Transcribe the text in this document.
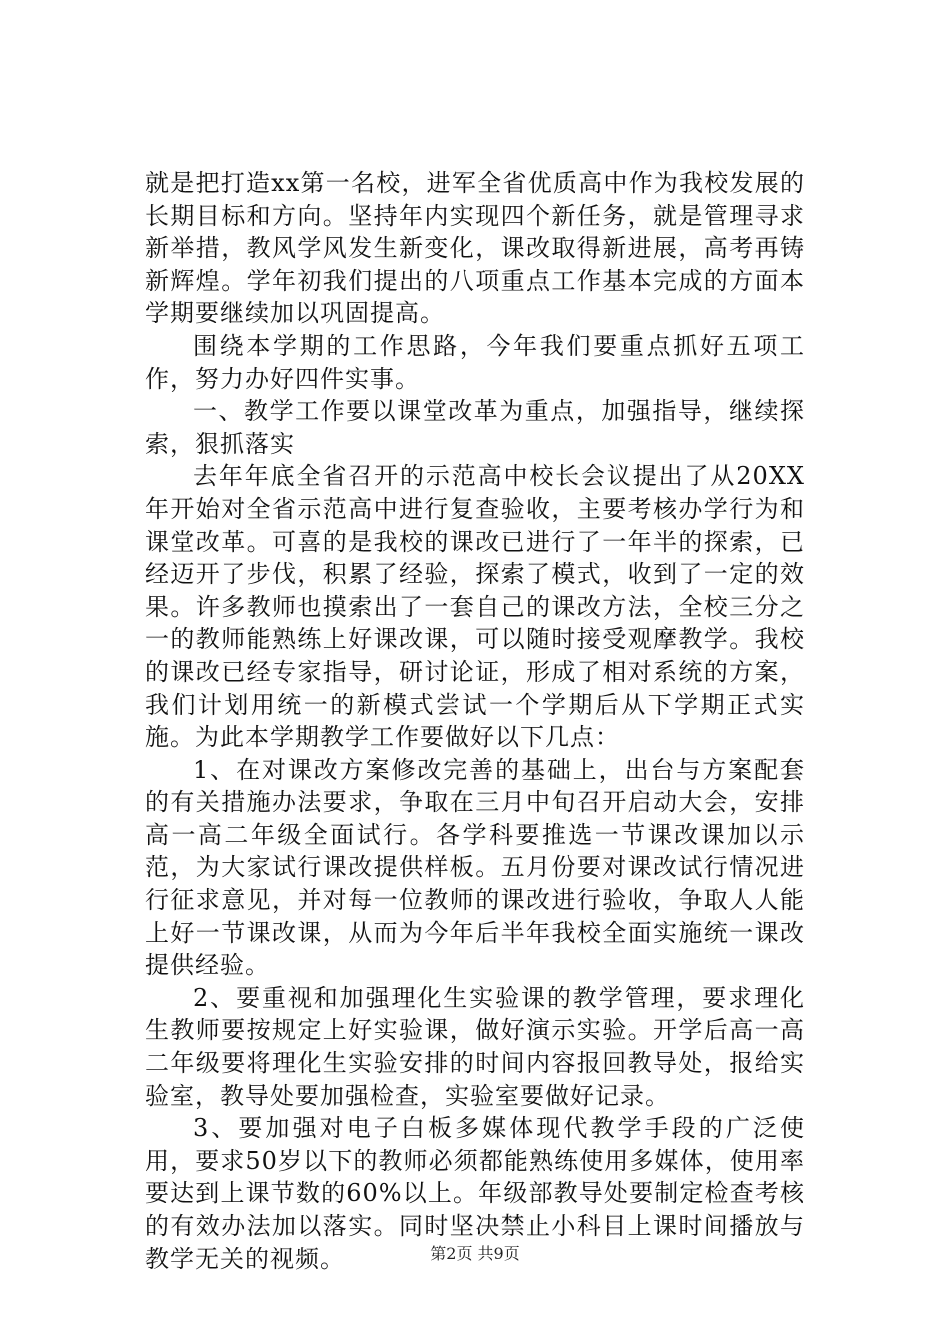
就是把打造xx第一名校，进军全省优质高中作为我校发展的长期目标和方向。坚持年内实现四个新任务，就是管理寻求新举措，教风学风发生新变化，课改取得新进展，高考再铸新辉煌。学年初我们提出的八项重点工作基本完成的方面本学期要继续加以巩固提高。

围绕本学期的工作思路，今年我们要重点抓好五项工作，努力办好四件实事。

一、教学工作要以课堂改革为重点，加强指导，继续探索，狠抓落实

去年年底全省召开的示范高中校长会议提出了从20XX年开始对全省示范高中进行复查验收，主要考核办学行为和课堂改革。可喜的是我校的课改已进行了一年半的探索，已经迈开了步伐，积累了经验，探索了模式，收到了一定的效果。许多教师也摸索出了一套自己的课改方法，全校三分之一的教师能熟练上好课改课，可以随时接受观摩教学。我校的课改已经专家指导，研讨论证，形成了相对系统的方案，我们计划用统一的新模式尝试一个学期后从下学期正式实施。为此本学期教学工作要做好以下几点：

1、在对课改方案修改完善的基础上，出台与方案配套的有关措施办法要求，争取在三月中旬召开启动大会，安排高一高二年级全面试行。各学科要推选一节课改课加以示范，为大家试行课改提供样板。五月份要对课改试行情况进行征求意见，并对每一位教师的课改进行验收，争取人人能上好一节课改课，从而为今年后半年我校全面实施统一课改提供经验。

2、要重视和加强理化生实验课的教学管理，要求理化生教师要按规定上好实验课，做好演示实验。开学后高一高二年级要将理化生实验安排的时间内容报回教导处，报给实验室，教导处要加强检查，实验室要做好记录。

3、要加强对电子白板多媒体现代教学手段的广泛使用，要求50岁以下的教师必须都能熟练使用多媒体，使用率要达到上课节数的60%以上。年级部教导处要制定检查考核的有效办法加以落实。同时坚决禁止小科目上课时间播放与教学无关的视频。	第2页 共9页
